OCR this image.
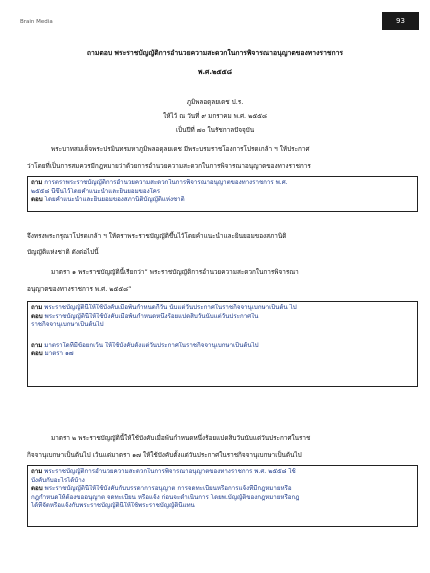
Brain Media	93
ถามตอบ พระราชบัญญัติการอำนวยความสะดวกในการพิจารณาอนุญาตของทางราชการ
พ.ศ.๒๕๕๘
ภูมิพลอดุลยเดช ป.ร.
ให้ไว้ ณ วันที่ ๙ มกราคม พ.ศ. ๒๕๕๘
เป็นปีที่ ๗๐ ในรัชกาลปัจจุบัน
พระบาทสมเด็จพระปรมินทรมหาภูมิพลอดุลยเดช มีพระบรมราชโองการโปรดเกล้า ฯ ให้ประกาศ
ว่าโดยที่เป็นการสมควรมีกฎหมายว่าด้วยการอำนวยความสะดวกในการพิจารณาอนุญาตของทางราชการ
ถาม การตราพระราชบัญญัติการอำนวยความสะดวกในการพิจารณาอนุญาตของทางราชการ พ.ศ.
๒๕๕๘ นี้ขึ้นไว้โดยคำแนะนำและยินยอมของใคร
ตอบ โดยคำแนะนำและยินยอมของสภานิติบัญญัติแห่งชาติ
จึงทรงพระกรุณาโปรดเกล้า ฯ ให้ตราพระราชบัญญัติขึ้นไว้โดยคำแนะนำและยินยอมของสภานิติ
บัญญัติแห่งชาติ ดังต่อไปนี้
มาตรา ๑ พระราชบัญญัตินี้เรียกว่า” พระราชบัญญัติการอำนวยความสะดวกในการพิจารณา
อนุญาตของทางราชการ พ.ศ. ๒๕๕๘”
ถาม พระราชบัญญัตินี้ให้ใช้บังคับเมื่อพ้นกำหนดกี่วัน นับแต่วันประกาศในราชกิจจานุเบกษาเป็นต้น ไป
ตอบ พระราชบัญญัตินี้ให้ใช้บังคับเมื่อพ้นกำหนดหนึ่งร้อยแปดสิบวันนับแต่วันประกาศใน
ราชกิจจานุเบกษาเป็นต้นไป
ถาม มาตราใดที่มีข้อยกเว้น ให้ใช้บังคับตั้งแต่วันประกาศในราชกิจจานุเบกษาเป็นต้นไป
ตอบ มาตรา ๑๗
มาตรา ๒ พระราชบัญญัตินี้ให้ใช้บังคับเมื่อพ้นกำหนดหนึ่งร้อยแปดสิบวันนับแต่วันประกาศในราช
กิจจานุเบกษาเป็นต้นไป เว้นแต่มาตรา ๑๗ ให้ใช้บังคับตั้งแต่วันประกาศในราชกิจจานุเบกษาเป็นต้นไป
ถาม พระราชบัญญัติการอำนวยความสะดวกในการพิจารณาอนุญาตของทางราชการ พ.ศ. ๒๕๕๘ ใช้
บังคับกับอะไรได้บ้าง
ตอบ พระราชบัญญัตินี้ให้ใช้บังคับกับบรรดาการอนุญาต การจดทะเบียนหรือการแจ้งที่มีกฎหมายหรือ
กฎกำหนดให้ต้องขออนุญาต จดทะเบียน หรือแจ้ง ก่อนจะดำเนินการ โดยพ.บัญญัติของกฎหมายหรือกฎ
ได้ที่จัดหรือแจ้งกับพระราชบัญญัตินี้ให้ใช้พระราชบัญญัตินี้แทน
